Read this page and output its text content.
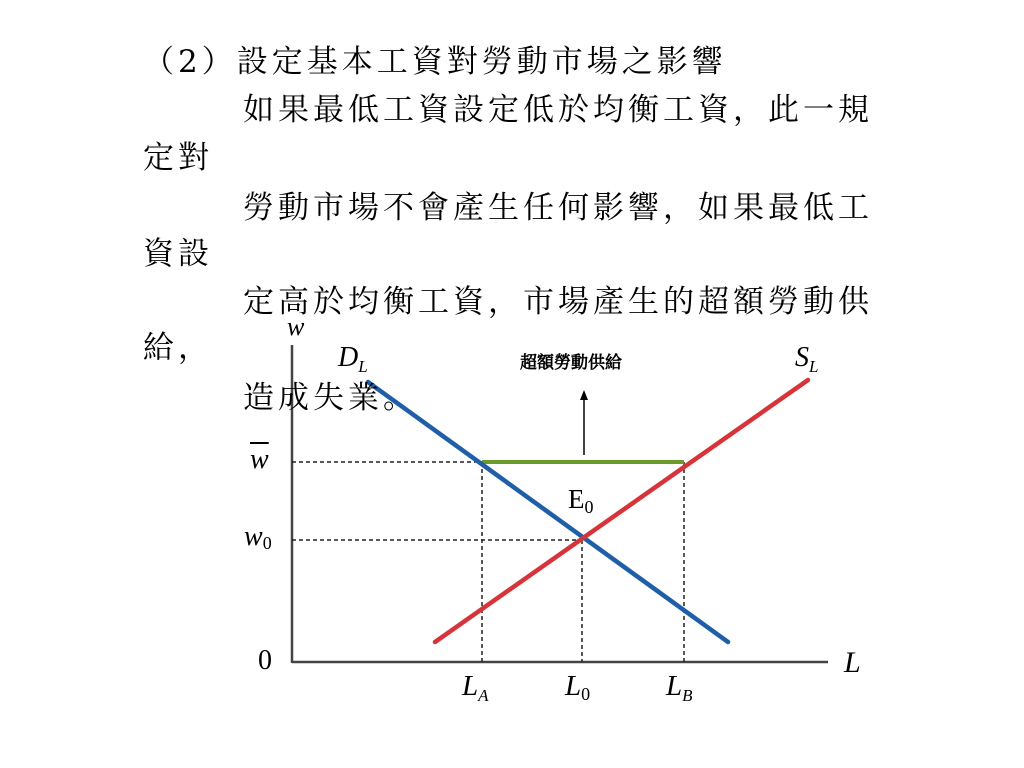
（2）設定基本工資對勞動市場之影響
如果最低工資設定低於均衡工資，此一規
定對
勞動市場不會產生任何影響，如果最低工
資設
定高於均衡工資，市場產生的超額勞動供
給，
造成失業。
w
$D_L$	$S_L$
超額勞動供給
$\overline{w}$
w0
E0
0	L
$L_A$	L0	$L_B$
